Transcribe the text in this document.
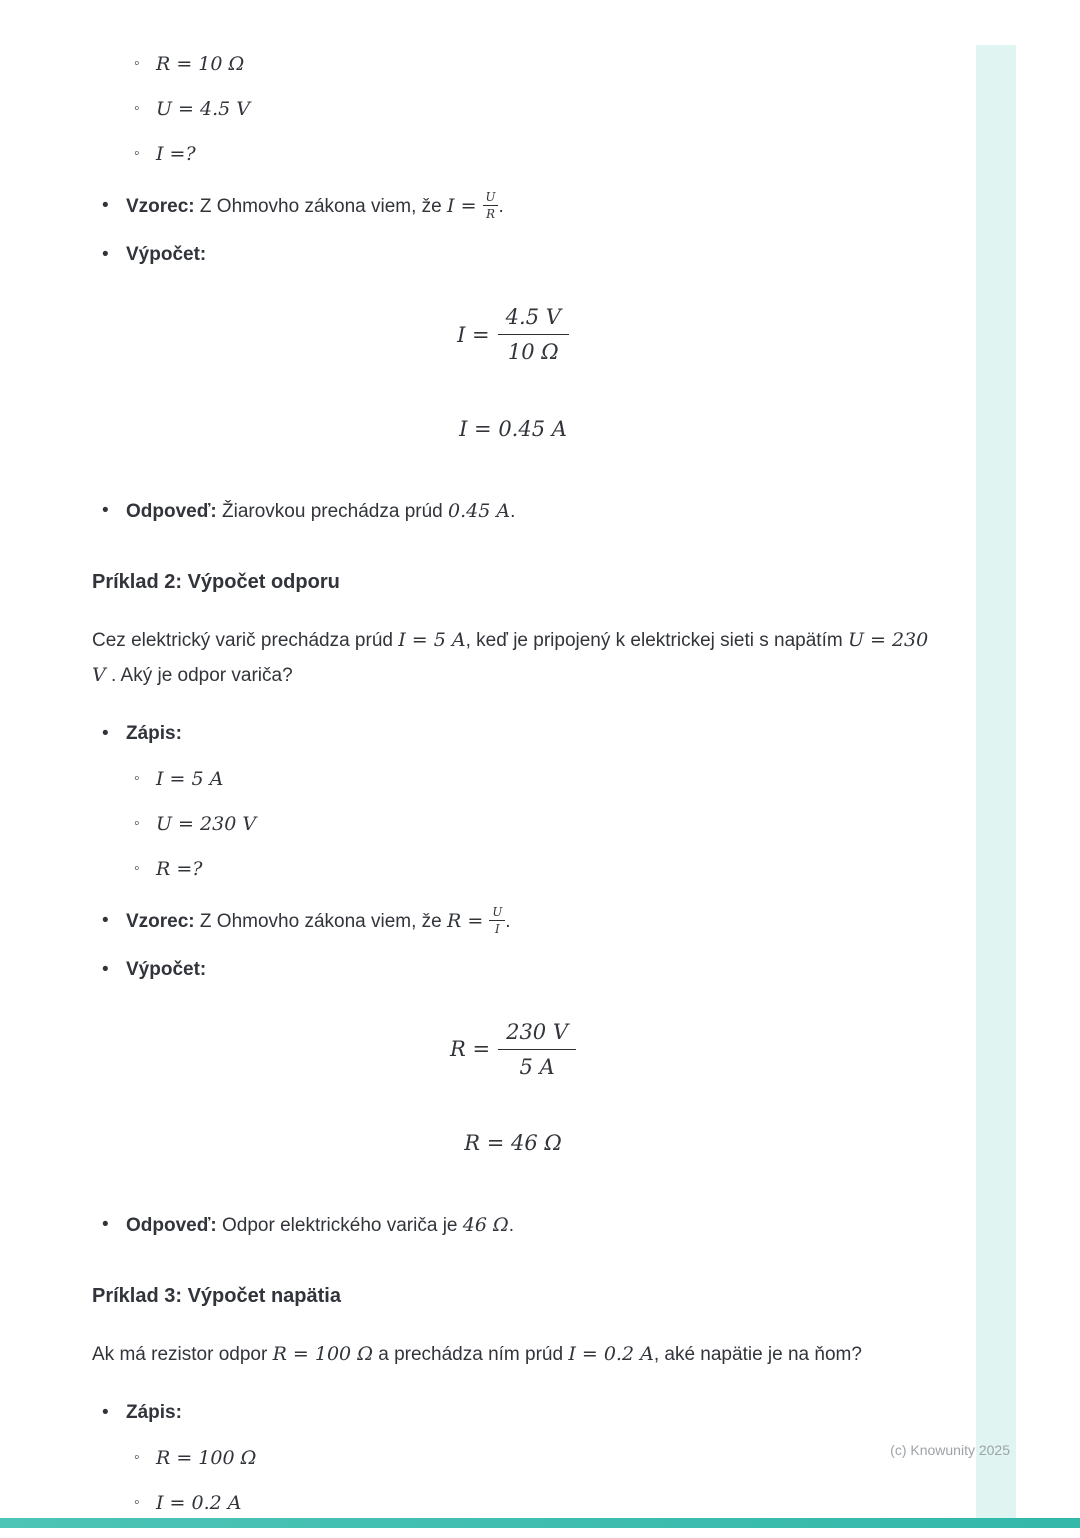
◦
R = 10 Ω
◦
U = 4.5 V
◦
I =?
•
Vzorec: Z Ohmovho zákona viem, že $I = \frac{U}{R}$ .
•
Výpočet:
$I = \frac{4.5 V}{10 \Omega}$
I = 0.45 A
•
Odpoveď: Žiarovkou prechádza prúd 0.45 A.
Príklad 2: Výpočet odporu

Cez elektrický varič prechádza prúd I = 5 A, keď je pripojený k elektrickej sieti s napätím U = 230 V . Aký je odpor variča?

•
Zápis:
◦
I = 5 A
◦
U = 230 V
◦
R =?
•
Vzorec: Z Ohmovho zákona viem, že $R = \frac{U}{I}$ .
•
Výpočet:
$R = \frac{230 V}{5 A}$
R = 46 Ω
•
Odpoveď: Odpor elektrického variča je 46 Ω.
Príklad 3: Výpočet napätia

Ak má rezistor odpor R = 100 Ω a prechádza ním prúd I = 0.2 A, aké napätie je na ňom?

•
Zápis:
◦
R = 100 Ω
◦
I = 0.2 A
(c) Knowunity 2025
